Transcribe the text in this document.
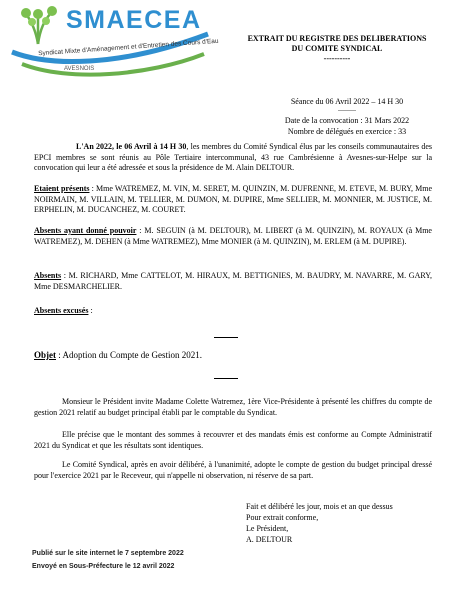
SMAECEA
Syndicat Mixte d'Aménagement et d'Entretien des Cours d'Eau
AVESNOIS
EXTRAIT DU REGISTRE DES DELIBERATIONS
DU COMITE SYNDICAL
----------
Séance du 06 Avril 2022 – 14 H 30
---------
Date de la convocation : 31 Mars 2022
Nombre de délégués en exercice : 33
L'An 2022, le 06 Avril à 14 H 30, les membres du Comité Syndical élus par les conseils communautaires des EPCI membres se sont réunis au Pôle Tertiaire intercommunal, 43 rue Cambrésienne à Avesnes-sur-Helpe sur la convocation qui leur a été adressée et sous la présidence de M. Alain DELTOUR.
Etaient présents : Mme WATREMEZ, M. VIN, M. SERET, M. QUINZIN, M. DUFRENNE, M. ETEVE, M. BURY, Mme NOIRMAIN, M. VILLAIN, M. TELLIER, M. DUMON, M. DUPIRE, Mme SELLIER, M. MONNIER, M. JUSTICE, M. ERPHELIN, M. DUCANCHEZ, M. COURET.
Absents ayant donné pouvoir : M. SEGUIN (à M. DELTOUR), M. LIBERT (à M. QUINZIN), M. ROYAUX (à Mme WATREMEZ), M. DEHEN (à Mme WATREMEZ), Mme MONIER (à M. QUINZIN), M. ERLEM (à M. DUPIRE).
Absents : M. RICHARD, Mme CATTELOT, M. HIRAUX, M. BETTIGNIES, M. BAUDRY, M. NAVARRE, M. GARY, Mme DESMARCHELIER.
Absents excusés :
Objet : Adoption du Compte de Gestion 2021.
Monsieur le Président invite Madame Colette Watremez, 1ère Vice-Présidente à présenté les chiffres du compte de gestion 2021 relatif au budget principal établi par le comptable du Syndicat.
Elle précise que le montant des sommes à recouvrer et des mandats émis est conforme au Compte Administratif 2021 du Syndicat et que les résultats sont identiques.
Le Comité Syndical, après en avoir délibéré, à l'unanimité, adopte le compte de gestion du budget principal dressé pour l'exercice 2021 par le Receveur, qui n'appelle ni observation, ni réserve de sa part.
Fait et délibéré les jour, mois et an que dessus
Pour extrait conforme,
Le Président,
A. DELTOUR
Publié sur le site internet le 7 septembre 2022
Envoyé en Sous-Préfecture le 12 avril 2022
